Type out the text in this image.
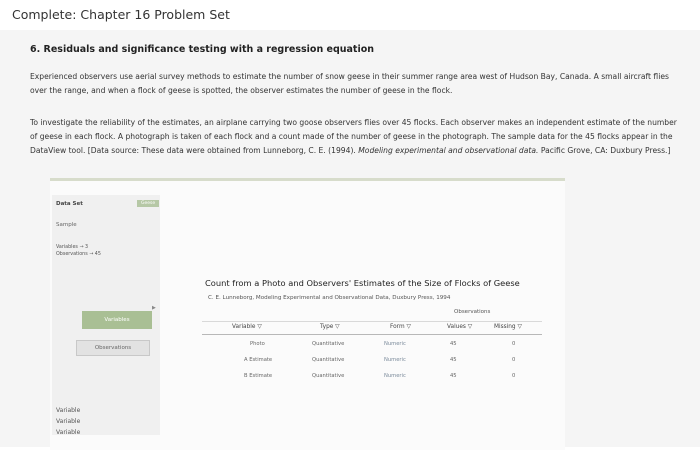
Complete: Chapter 16 Problem Set
6. Residuals and significance testing with a regression equation
Experienced observers use aerial survey methods to estimate the number of snow geese in their summer range area west of Hudson Bay, Canada. A small aircraft flies over the range, and when a flock of geese is spotted, the observer estimates the number of geese in the flock.
To investigate the reliability of the estimates, an airplane carrying two goose observers flies over 45 flocks. Each observer makes an independent estimate of the number of geese in each flock. A photograph is taken of each flock and a count made of the number of geese in the photograph. The sample data for the 45 flocks appear in the DataView tool. [Data source: These data were obtained from Lunneborg, C. E. (1994). Modeling experimental and observational data. Pacific Grove, CA: Duxbury Press.]
Data Set	Geese
Sample
Variables → 3
Observations → 45
Variables
Observations
Variable
Variable
Variable
▶
Count from a Photo and Observers' Estimates of the Size of Flocks of Geese
C. E. Lunneborg, Modeling Experimental and Observational Data, Duxbury Press, 1994
Observations
Variable ▽	Type ▽	Form ▽	Values ▽	Missing ▽
Photo	Quantitative	Numeric	45	0
A Estimate	Quantitative	Numeric	45	0
B Estimate	Quantitative	Numeric	45	0
